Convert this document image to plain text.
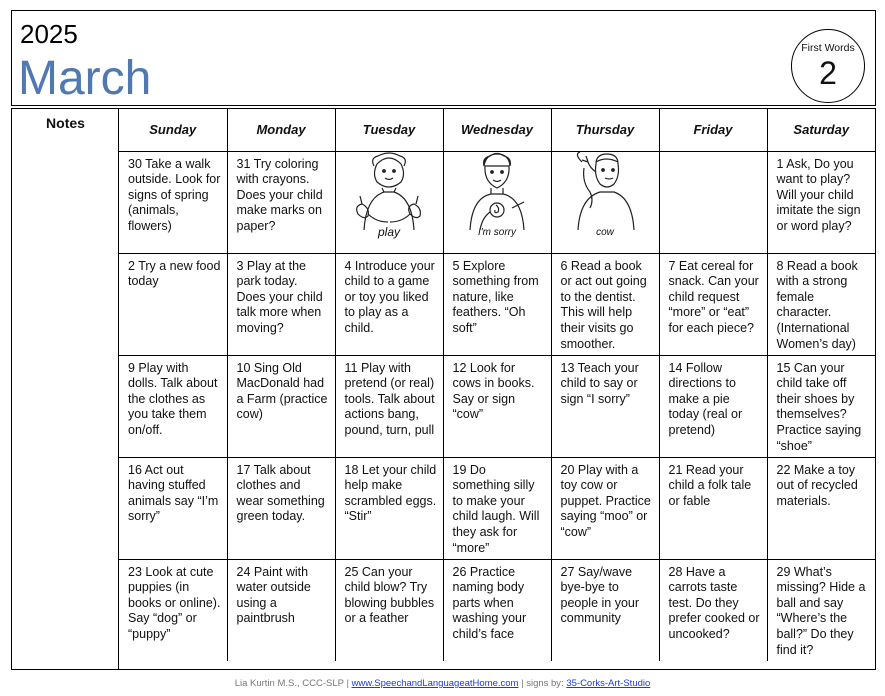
2025
March
First Words
2
Notes	Sunday	Monday	Tuesday	Wednesday	Thursday	Friday	Saturday
30 Take a walk outside. Look for signs of spring (animals, flowers)	31 Try coloring with crayons. Does your child make marks on paper?	play	I'm sorry	cow		1 Ask, Do you want to play? Will your child imitate the sign or word play?
2 Try a new food today	3 Play at the park today. Does your child talk more when moving?	4 Introduce your child to a game or toy you liked to play as a child.	5 Explore something from nature, like feathers. “Oh soft”	6 Read a book or act out going to the dentist. This will help their visits go smoother.	7 Eat cereal for snack. Can your child request “more” or “eat” for each piece?	8 Read a book with a strong female character. (International Women’s day)
9 Play with dolls. Talk about the clothes as you take them on/off.	10 Sing Old MacDonald had a Farm (practice cow)	11 Play with pretend (or real) tools. Talk about actions bang, pound, turn, pull	12 Look for cows in books. Say or sign “cow”	13 Teach your child to say or sign “I sorry”	14 Follow directions to make a pie today (real or pretend)	15 Can your child take off their shoes by themselves? Practice saying “shoe”
16 Act out having stuffed animals say “I’m sorry”	17 Talk about clothes and wear something green today.	18 Let your child help make scrambled eggs. “Stir”	19 Do something silly to make your child laugh. Will they ask for “more”	20 Play with a toy cow or puppet. Practice saying “moo” or “cow”	21 Read your child a folk tale or fable	22 Make a toy out of recycled materials.
23 Look at cute puppies (in books or online). Say “dog” or “puppy”	24 Paint with water outside using a paintbrush	25 Can your child blow? Try blowing bubbles or a feather	26 Practice naming body parts when washing your child’s face	27 Say/wave bye-bye to people in your community	28 Have a carrots taste test. Do they prefer cooked or uncooked?	29 What’s missing? Hide a ball and say “Where’s the ball?” Do they find it?
Lia Kurtin M.S., CCC-SLP | www.SpeechandLanguageatHome.com | signs by: 35-Corks-Art-Studio
